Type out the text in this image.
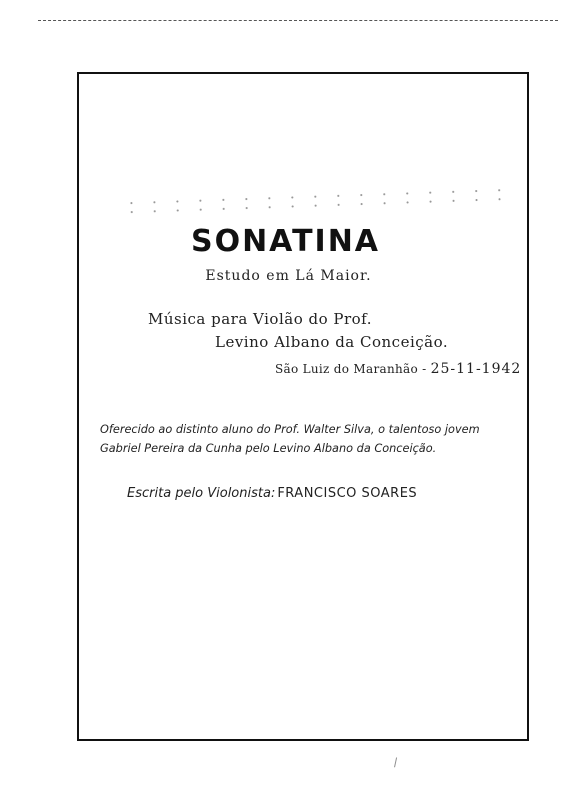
SONATINA
Estudo em Lá Maior.
Música para Violão do Prof.
Levino Albano da Conceição.
São Luiz do Maranhão - 25-11-1942
Oferecido ao distinto aluno do Prof. Walter Silva, o talentoso jovem
Gabriel Pereira da Cunha pelo Levino Albano da Conceição.
Escrita pelo Violonista: FRANCISCO SOARES
